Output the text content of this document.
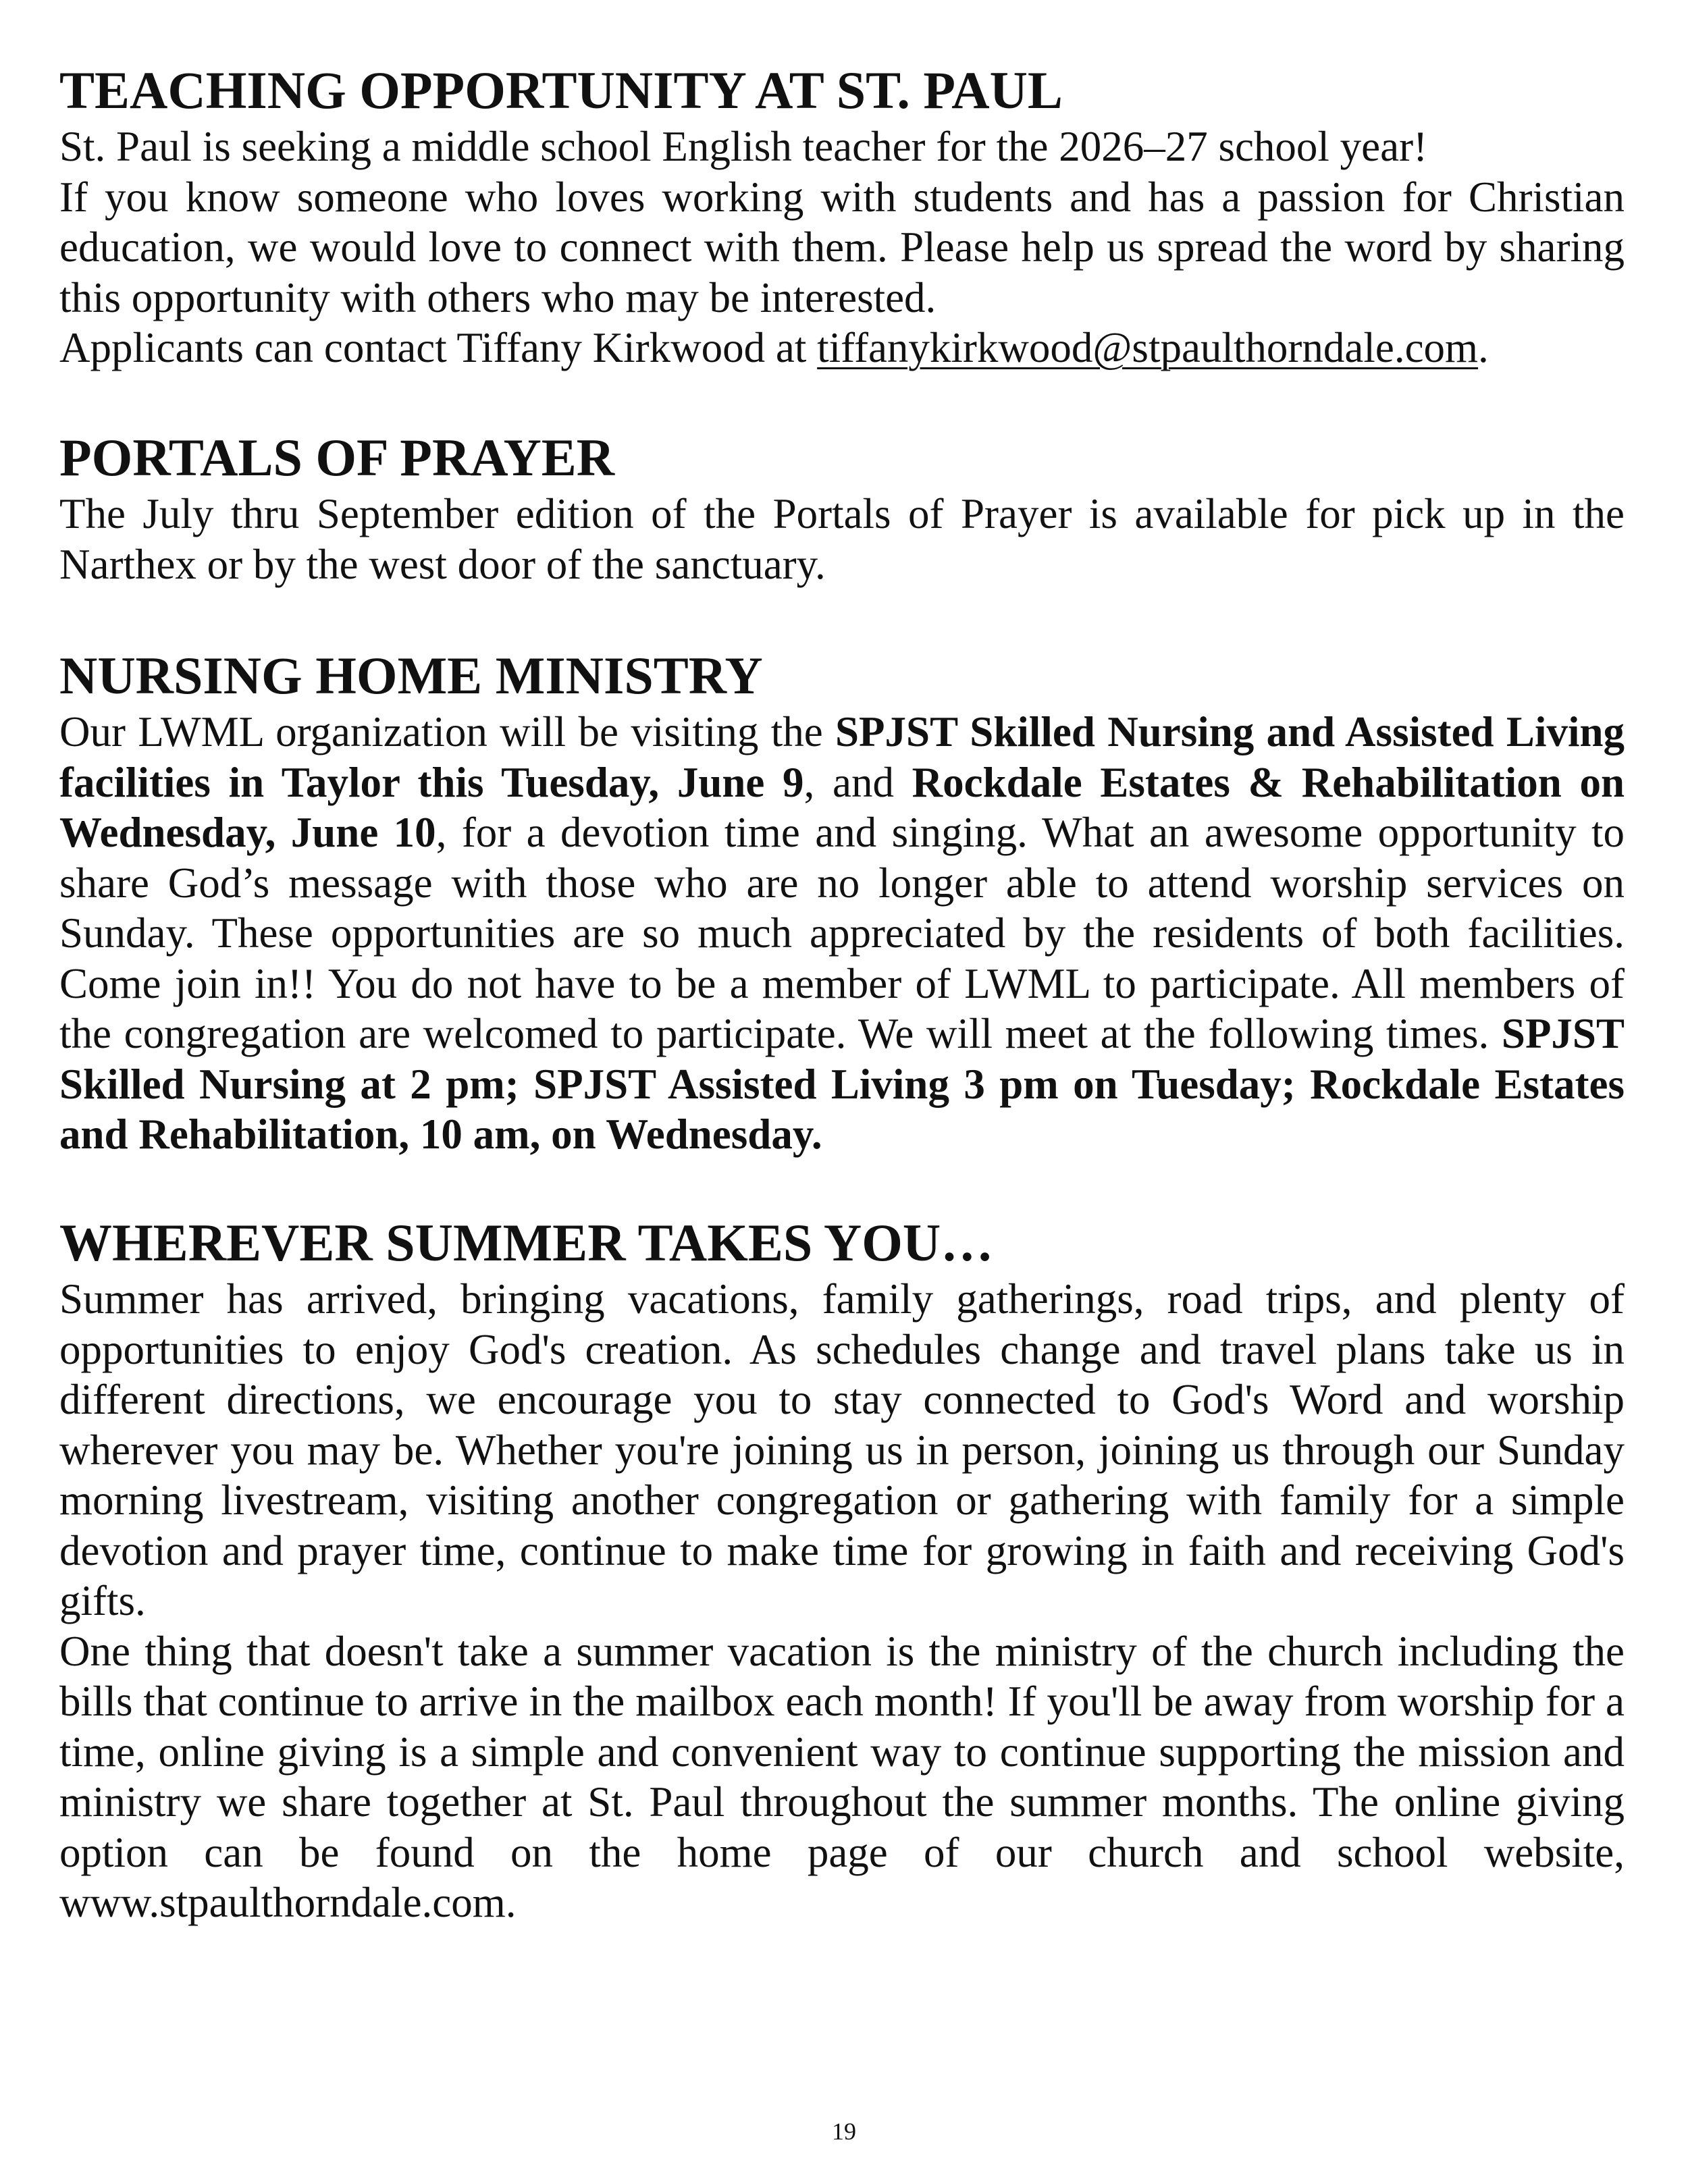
TEACHING OPPORTUNITY AT ST. PAUL

St. Paul is seeking a middle school English teacher for the 2026–27 school year!

If you know someone who loves working with students and has a passion for Christian education, we would love to connect with them. Please help us spread the word by sharing this opportunity with others who may be interested.

Applicants can contact Tiffany Kirkwood at tiffanykirkwood@stpaulthorndale.com.

PORTALS OF PRAYER

The July thru September edition of the Portals of Prayer is available for pick up in the Narthex or by the west door of the sanctuary.

NURSING HOME MINISTRY

Our LWML organization will be visiting the SPJST Skilled Nursing and Assisted Living facilities in Taylor this Tuesday, June 9, and Rockdale Estates & Rehabilitation on Wednesday, June 10, for a devotion time and singing. What an awesome opportunity to share God’s message with those who are no longer able to attend worship services on Sunday. These opportunities are so much appreciated by the residents of both facilities. Come join in!! You do not have to be a member of LWML to participate. All members of the congregation are welcomed to participate. We will meet at the following times. SPJST Skilled Nursing at 2 pm; SPJST Assisted Living 3 pm on Tuesday; Rockdale Estates and Rehabilitation, 10 am, on Wednesday.

WHEREVER SUMMER TAKES YOU…

Summer has arrived, bringing vacations, family gatherings, road trips, and plenty of opportunities to enjoy God's creation. As schedules change and travel plans take us in different directions, we encourage you to stay connected to God's Word and worship wherever you may be. Whether you're joining us in person, joining us through our Sunday morning livestream, visiting another congregation or gathering with family for a simple devotion and prayer time, continue to make time for growing in faith and receiving God's gifts.

One thing that doesn't take a summer vacation is the ministry of the church including the bills that continue to arrive in the mailbox each month! If you'll be away from worship for a time, online giving is a simple and convenient way to continue supporting the mission and ministry we share together at St. Paul throughout the summer months. The online giving option can be found on the home page of our church and school website, www.stpaulthorndale.com.

19
